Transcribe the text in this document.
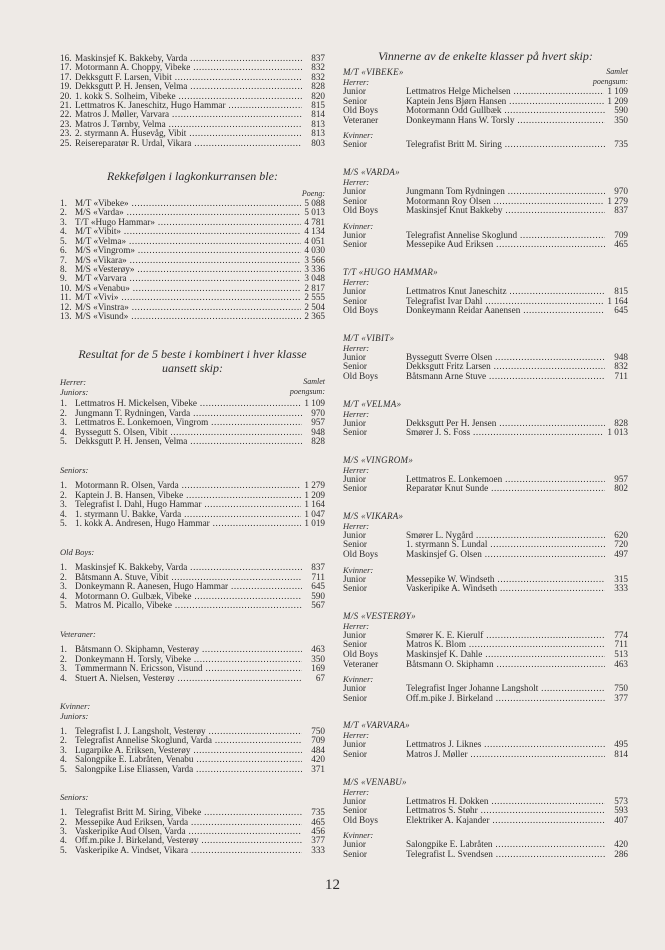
16. Maskinsjef K. Bakkeby, Varda .....	837
17. Motormann A. Choppy, Vibeke .....	832
17. Dekksgutt F. Larsen, Vibit .....	832
19. Dekksgutt P. H. Jensen, Velma .....	828
20. 1. kokk S. Solheim, Vibeke .....	820
21. Lettmatros K. Janeschitz, Hugo Hammar .....	815
22. Matros J. Møller, Varvara .....	814
23. Matros J. Tørnby, Velma .....	813
23. 2. styrmann A. Husevåg, Vibit .....	813
25. Reisereparatør R. Urdal, Vikara .....	803
Rekkefølgen i lagkonkurransen ble:
Poeng:
1. M/T «Vibeke» .....	5 088
2. M/S «Varda» .....	5 013
3. T/T «Hugo Hammar» .....	4 781
4. M/T «Vibit» .....	4 134
5. M/T «Velma» .....	4 051
6. M/S «Vingrom» .....	4 030
7. M/S «Vikara» .....	3 566
8. M/S «Vesterøy» .....	3 336
9. M/T «Varvara .....	3 048
10. M/S «Venabu» .....	2 817
11. M/T «Vivi» .....	2 555
12. M/S «Vinstra» .....	2 504
13. M/S «Visund» .....	2 365
Resultat for de 5 beste i kombinert i hver klasse
uansett skip:
Herrer:	Samlet
Juniors:	poengsum:
1. Lettmatros H. Mickelsen, Vibeke .....	1 109
2. Jungmann T. Rydningen, Varda .....	970
3. Lettmatros E. Lonkemoen, Vingrom .....	957
4. Byssegutt S. Olsen, Vibit .....	948
5. Dekksgutt P. H. Jensen, Velma .....	828
Seniors:
1. Motormann R. Olsen, Varda .....	1 279
2. Kaptein J. B. Hansen, Vibeke .....	1 209
3. Telegrafist I. Dahl, Hugo Hammar .....	1 164
4. 1. styrmann U. Bakke, Varda .....	1 047
5. 1. kokk A. Andresen, Hugo Hammar .....	1 019
Old Boys:
1. Maskinsjef K. Bakkeby, Varda .....	837
2. Båtsmann A. Stuve, Vibit .....	711
3. Donkeymann R. Aanesen, Hugo Hammar .....	645
4. Motormann O. Gulbæk, Vibeke .....	590
5. Matros M. Picallo, Vibeke .....	567
Veteraner:
1. Båtsmann O. Skiphamn, Vesterøy .....	463
2. Donkeymann H. Torsly, Vibeke .....	350
3. Tømmermann N. Ericsson, Visund .....	169
4. Stuert A. Nielsen, Vesterøy .....	67
Kvinner:
Juniors:
1. Telegrafist I. J. Langsholt, Vesterøy .....	750
2. Telegrafist Annelise Skoglund, Varda .....	709
3. Lugarpike A. Eriksen, Vesterøy .....	484
4. Salongpike E. Labråten, Venabu .....	420
5. Salongpike Lise Eliassen, Varda .....	371
Seniors:
1. Telegrafist Britt M. Siring, Vibeke .....	735
2. Messepike Aud Eriksen, Varda .....	465
3. Vaskeripike Aud Olsen, Varda .....	456
4. Off.m.pike J. Birkeland, Vesterøy .....	377
5. Vaskeripike A. Vindset, Vikara .....	333
Vinnerne av de enkelte klasser på hvert skip:
M/T «VIBEKE»	Samlet
Herrer:	poengsum:
Junior	Lettmatros Helge Michelsen .....	1 109
Senior	Kaptein Jens Bjørn Hansen .....	1 209
Old Boys	Motormann Odd Gullbæk .....	590
Veteraner	Donkeymann Hans W. Torsly .....	350
Kvinner:
Senior	Telegrafist Britt M. Siring .....	735
M/S «VARDA»
Herrer:
Junior	Jungmann Tom Rydningen .....	970
Senior	Motormann Roy Olsen .....	1 279
Old Boys	Maskinsjef Knut Bakkeby .....	837
Kvinner:
Junior	Telegrafist Annelise Skoglund .....	709
Senior	Messepike Aud Eriksen .....	465
T/T «HUGO HAMMAR»
Herrer:
Junior	Lettmatros Knut Janeschitz .....	815
Senior	Telegrafist Ivar Dahl .....	1 164
Old Boys	Donkeymann Reidar Aanensen .....	645
M/T «VIBIT»
Herrer:
Junior	Byssegutt Sverre Olsen .....	948
Senior	Dekksgutt Fritz Larsen .....	832
Old Boys	Båtsmann Arne Stuve .....	711
M/T «VELMA»
Herrer:
Junior	Dekksgutt Per H. Jensen .....	828
Senior	Smører J. S. Foss .....	1 013
M/S «VINGROM»
Herrer:
Junior	Lettmatros E. Lonkemoen .....	957
Senior	Reparatør Knut Sunde .....	802
M/S «VIKARA»
Herrer:
Junior	Smører L. Nygård .....	620
Senior	1. styrmann S. Lundal .....	720
Old Boys	Maskinsjef G. Olsen .....	497
Kvinner:
Junior	Messepike W. Windseth .....	315
Senior	Vaskeripike A. Windseth .....	333
M/S «VESTERØY»
Herrer:
Junior	Smører K. E. Kierulf .....	774
Senior	Matros K. Blom .....	711
Old Boys	Maskinsjef K. Dahle .....	513
Veteraner	Båtsmann O. Skiphamn .....	463
Kvinner:
Junior	Telegrafist Inger Johanne Langsholt .....	750
Senior	Off.m.pike J. Birkeland .....	377
M/T «VARVARA»
Herrer:
Junior	Lettmatros J. Liknes .....	495
Senior	Matros J. Møller .....	814
M/S «VENABU»
Herrer:
Junior	Lettmatros H. Dokken .....	573
Senior	Lettmatros S. Støhr .....	593
Old Boys	Elektriker A. Kajander .....	407
Kvinner:
Junior	Salongpike E. Labråten .....	420
Senior	Telegrafist L. Svendsen .....	286
12
